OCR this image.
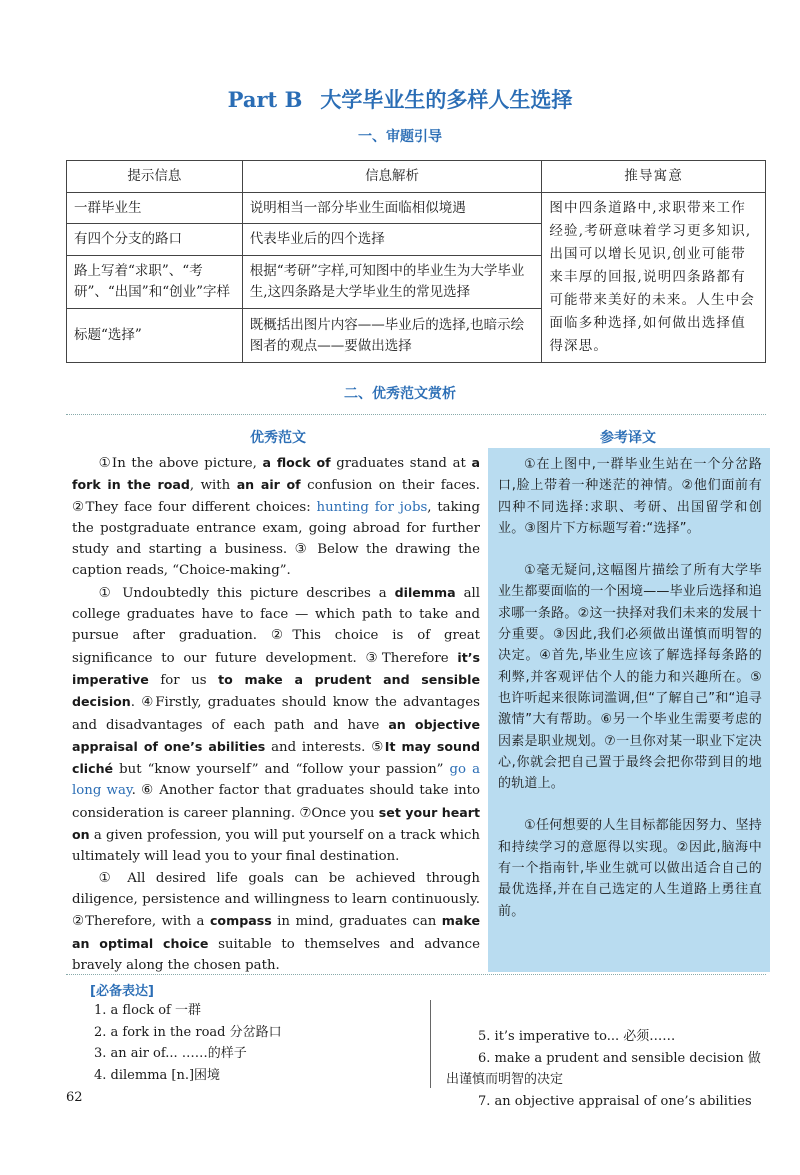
Part B 大学毕业生的多样人生选择
一、审题引导
提示信息	信息解析	推导寓意
一群毕业生	说明相当一部分毕业生面临相似境遇	图中四条道路中,求职带来工作经验,考研意味着学习更多知识,出国可以增长见识,创业可能带来丰厚的回报,说明四条路都有可能带来美好的未来。人生中会面临多种选择,如何做出选择值得深思。
有四个分支的路口	代表毕业后的四个选择	
路上写着“求职”、“考研”、“出国”和“创业”字样	根据“考研”字样,可知图中的毕业生为大学毕业生,这四条路是大学毕业生的常见选择	
标题“选择”	既概括出图片内容——毕业后的选择,也暗示绘图者的观点——要做出选择	
二、优秀范文赏析
优秀范文	参考译文

①In the above picture, a flock of graduates stand at a fork in the road, with an air of confusion on their faces. ②They face four different choices: hunting for jobs, taking the postgraduate entrance exam, going abroad for further study and starting a business. ③ Below the drawing the caption reads, “Choice-making”.

① Undoubtedly this picture describes a dilemma all college graduates have to face — which path to take and pursue after graduation. ②This choice is of great significance to our future development. ③Therefore it’s imperative for us to make a prudent and sensible decision. ④Firstly, graduates should know the advantages and disadvantages of each path and have an objective appraisal of one’s abilities and interests. ⑤It may sound cliché but “know yourself” and “follow your passion” go a long way. ⑥ Another factor that graduates should take into consideration is career planning. ⑦Once you set your heart on a given profession, you will put yourself on a track which ultimately will lead you to your final destination.

① All desired life goals can be achieved through diligence, persistence and willingness to learn continuously. ②Therefore, with a compass in mind, graduates can make an optimal choice suitable to themselves and advance bravely along the chosen path.

①在上图中,一群毕业生站在一个分岔路口,脸上带着一种迷茫的神情。②他们面前有四种不同选择:求职、考研、出国留学和创业。③图片下方标题写着:“选择”。

①毫无疑问,这幅图片描绘了所有大学毕业生都要面临的一个困境——毕业后选择和追求哪一条路。②这一抉择对我们未来的发展十分重要。③因此,我们必须做出谨慎而明智的决定。④首先,毕业生应该了解选择每条路的利弊,并客观评估个人的能力和兴趣所在。⑤也许听起来很陈词滥调,但“了解自己”和“追寻激情”大有帮助。⑥另一个毕业生需要考虑的因素是职业规划。⑦一旦你对某一职业下定决心,你就会把自己置于最终会把你带到目的地的轨道上。

①任何想要的人生目标都能因努力、坚持和持续学习的意愿得以实现。②因此,脑海中有一个指南针,毕业生就可以做出适合自己的最优选择,并在自己选定的人生道路上勇往直前。

[必备表达]
1. a flock of 一群
2. a fork in the road 分岔路口
3. an air of... ……的样子
4. dilemma [n.]困境
5. it’s imperative to... 必须……
6. make a prudent and sensible decision 做
出谨慎而明智的决定
7. an objective appraisal of one’s abilities
62
